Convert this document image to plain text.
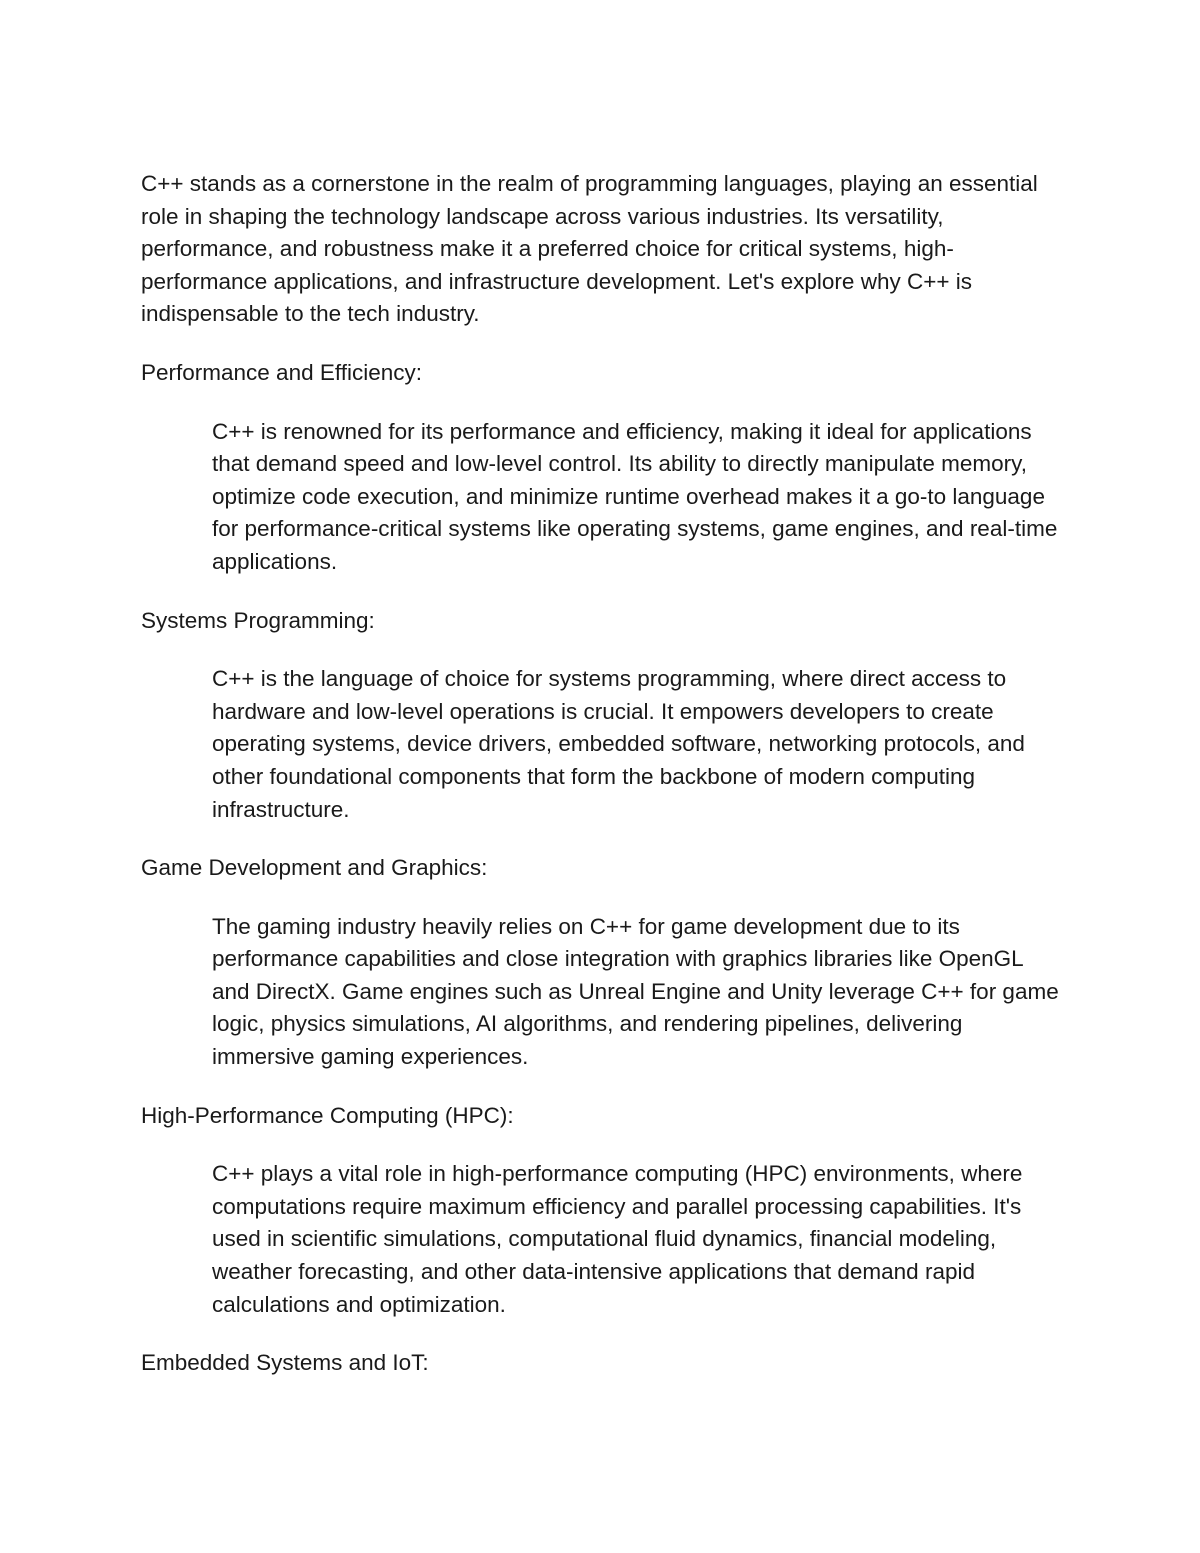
C++ stands as a cornerstone in the realm of programming languages, playing an essential role in shaping the technology landscape across various industries. Its versatility, performance, and robustness make it a preferred choice for critical systems, high-performance applications, and infrastructure development. Let's explore why C++ is indispensable to the tech industry.

Performance and Efficiency:

C++ is renowned for its performance and efficiency, making it ideal for applications that demand speed and low-level control. Its ability to directly manipulate memory, optimize code execution, and minimize runtime overhead makes it a go-to language for performance-critical systems like operating systems, game engines, and real-time applications.

Systems Programming:

C++ is the language of choice for systems programming, where direct access to hardware and low-level operations is crucial. It empowers developers to create operating systems, device drivers, embedded software, networking protocols, and other foundational components that form the backbone of modern computing infrastructure.

Game Development and Graphics:

The gaming industry heavily relies on C++ for game development due to its performance capabilities and close integration with graphics libraries like OpenGL and DirectX. Game engines such as Unreal Engine and Unity leverage C++ for game logic, physics simulations, AI algorithms, and rendering pipelines, delivering immersive gaming experiences.

High-Performance Computing (HPC):

C++ plays a vital role in high-performance computing (HPC) environments, where computations require maximum efficiency and parallel processing capabilities. It's used in scientific simulations, computational fluid dynamics, financial modeling, weather forecasting, and other data-intensive applications that demand rapid calculations and optimization.

Embedded Systems and IoT:
